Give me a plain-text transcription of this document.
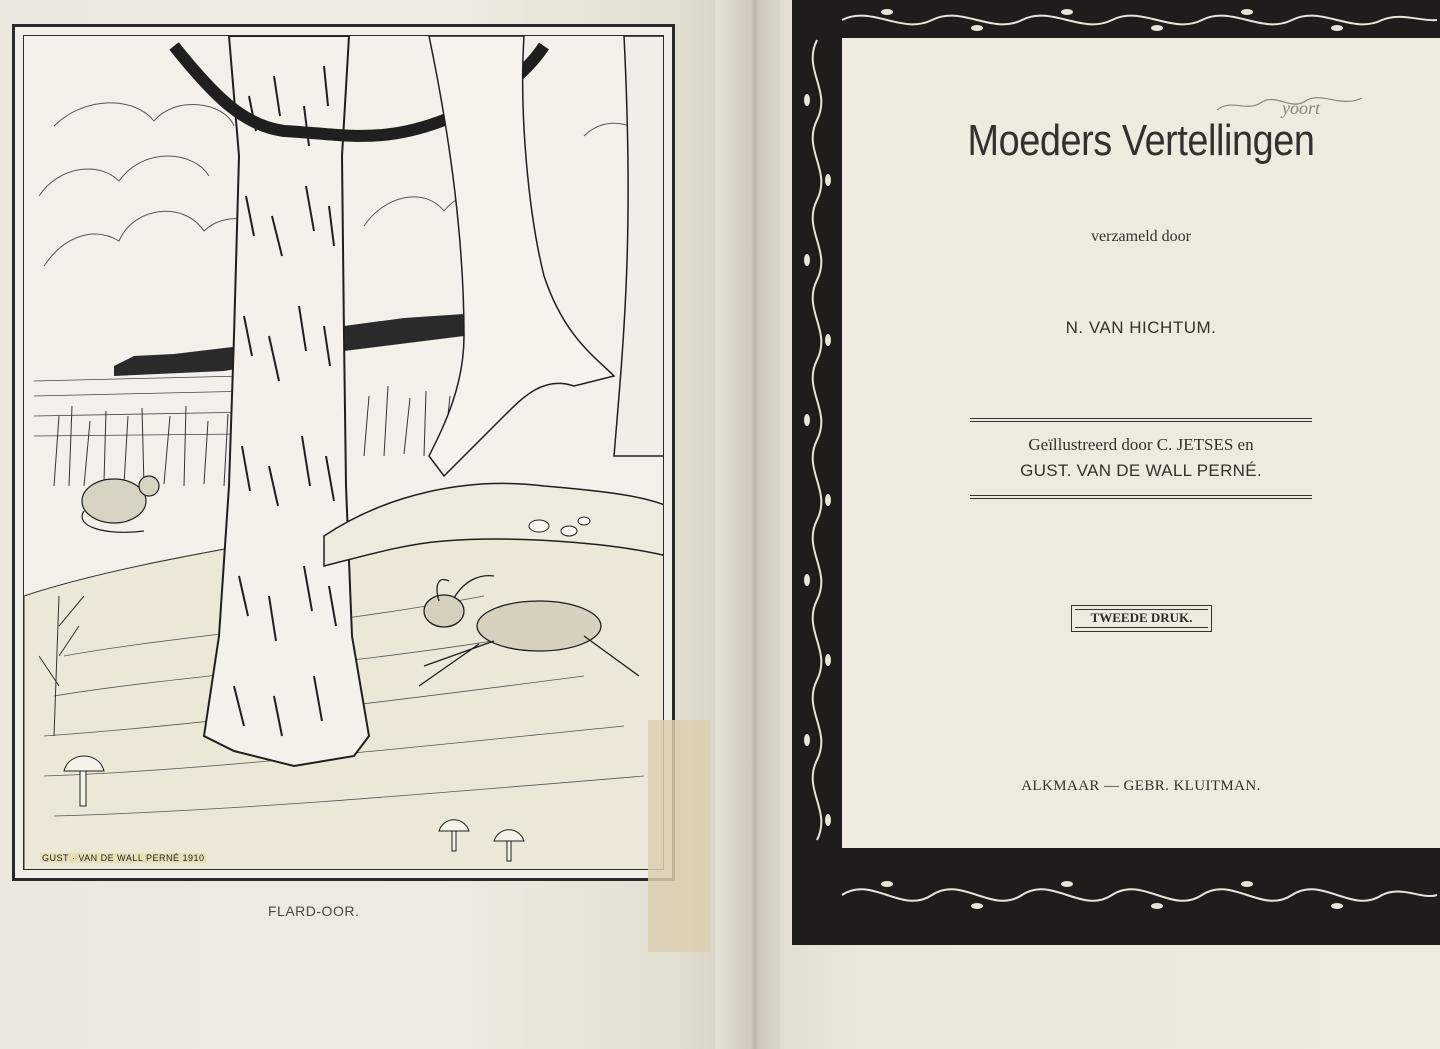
GUST · VAN DE WALL PERNÉ 1910
FLARD-OOR.
yoort
Moeders Vertellingen
verzameld door
N. VAN HICHTUM.
Geïllustreerd door C. JETSES en
GUST. VAN DE WALL PERNÉ.
TWEEDE DRUK.
ALKMAAR — GEBR. KLUITMAN.
